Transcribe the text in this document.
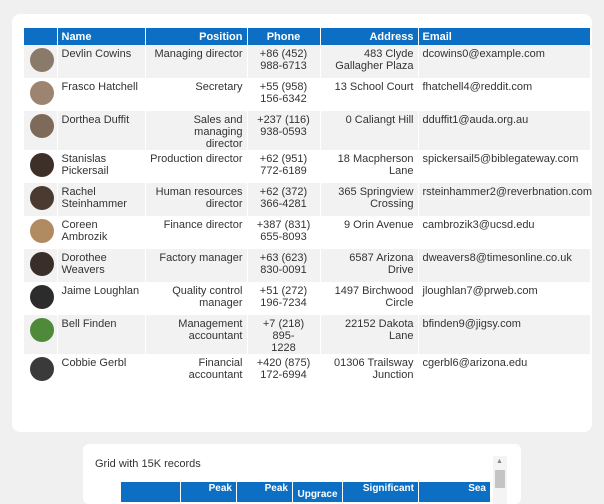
	Name	Position	Phone	Address	Email

	Devlin Cowins	Managing director	+86 (452)
988-6713	483 Clyde
Gallagher Plaza	dcowins0@example.com

	Frasco Hatchell	Secretary	+55 (958)
156-6342	13 School Court	fhatchell4@reddit.com

	Dorthea Duffit	Sales and managing
director	+237 (116)
938-0593	0 Caliangt Hill	dduffit1@auda.org.au

	Stanislas
Pickersail	Production director	+62 (951)
772-6189	18 Macpherson
Lane	spickersail5@biblegateway.com

	Rachel
Steinhammer	Human resources
director	+62 (372)
366-4281	365 Springview
Crossing	rsteinhammer2@reverbnation.com

	Coreen Ambrozik	Finance director	+387 (831)
655-8093	9 Orin Avenue	cambrozik3@ucsd.edu

	Dorothee
Weavers	Factory manager	+63 (623)
830-0091	6587 Arizona Drive	dweavers8@timesonline.co.uk

	Jaime Loughlan	Quality control
manager	+51 (272)
196-7234	1497 Birchwood
Circle	jloughlan7@prweb.com

	Bell Finden	Management
accountant	+7 (218) 895-
1228	22152 Dakota Lane	bfinden9@jigsy.com

	Cobbie Gerbl	Financial accountant	+420 (875)
172-6994	01306 Trailsway
Junction	cgerbl6@arizona.edu
Grid with 15K records	▲
Peak	Peak
Upgrace
Significant	Sea
